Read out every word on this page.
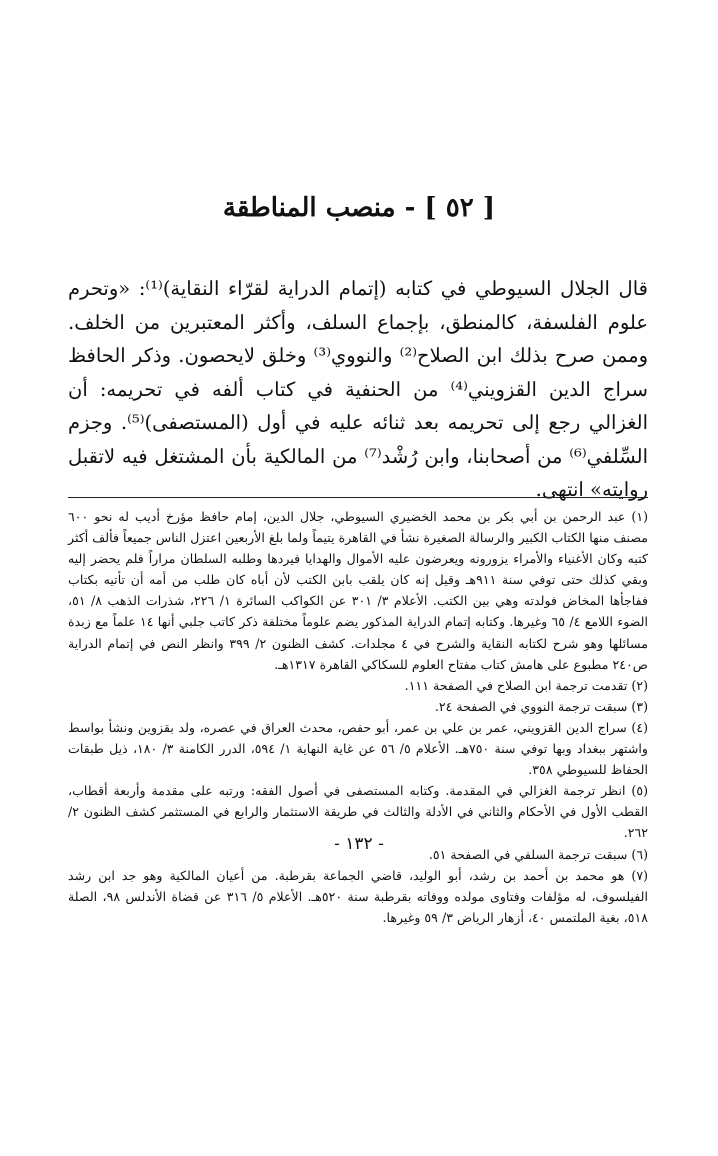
[ ٥٢ ] - منصب المناطقة

قال الجلال السيوطي في كتابه (إتمام الدراية لقرّاء النقاية)⁽¹⁾: «وتحرم علوم الفلسفة، كالمنطق، بإجماع السلف، وأكثر المعتبرين من الخلف. وممن صرح بذلك ابن الصلاح⁽²⁾ والنووي⁽³⁾ وخلق لايحصون. وذكر الحافظ سراج الدين القزويني⁽⁴⁾ من الحنفية في كتاب ألفه في تحريمه: أن الغزالي رجع إلى تحريمه بعد ثنائه عليه في أول (المستصفى)⁽⁵⁾. وجزم السِّلفي⁽⁶⁾ من أصحابنا، وابن رُشْد⁽⁷⁾ من المالكية بأن المشتغل فيه لاتقبل روايته» انتهى.

(١) عبد الرحمن بن أبي بكر بن محمد الخضيري السيوطي، جلال الدين، إمام حافظ مؤرخ أديب له نحو ٦٠٠ مصنف منها الكتاب الكبير والرسالة الصغيرة نشأ في القاهرة يتيماً ولما بلغ الأربعين اعتزل الناس جميعاً فألف أكثر كتبه وكان الأغنياء والأمراء يزورونه ويعرضون عليه الأموال والهدايا فيردها وطلبه السلطان مراراً فلم يحضر إليه وبقي كذلك حتى توفي سنة ٩١١هـ وقيل إنه كان يلقب بابن الكتب لأن أباه كان طلب من أمه أن تأتيه بكتاب ففاجأها المخاض فولدته وهي بين الكتب. الأعلام ٣/ ٣٠١ عن الكواكب السائرة ١/ ٢٢٦، شذرات الذهب ٨/ ٥١، الضوء اللامع ٤/ ٦٥ وغيرها. وكتابه إتمام الدراية المذكور يضم علوماً مختلفة ذكر كاتب جلبي أنها ١٤ علماً مع زبدة مسائلها وهو شرح لكتابه النقاية والشرح في ٤ مجلدات. كشف الظنون ٢/ ٣٩٩ وانظر النص في إتمام الدراية ص٢٤٠ مطبوع على هامش كتاب مفتاح العلوم للسكاكي القاهرة ١٣١٧هـ.
(٢) تقدمت ترجمة ابن الصلاح في الصفحة ١١١.
(٣) سبقت ترجمة النووي في الصفحة ٢٤.
(٤) سراج الدين القزويني، عمر بن علي بن عمر، أبو حفص، محدث العراق في عصره، ولد بقزوين ونشأ بواسط واشتهر ببغداد وبها توفي سنة ٧٥٠هـ. الأعلام ٥/ ٥٦ عن غاية النهاية ١/ ٥٩٤، الدرر الكامنة ٣/ ١٨٠، ذيل طبقات الحفاظ للسيوطي ٣٥٨.
(٥) انظر ترجمة الغزالي في المقدمة. وكتابه المستصفى في أصول الفقه: ورتبه على مقدمة وأربعة أقطاب، القطب الأول في الأحكام والثاني في الأدلة والثالث في طريقة الاستثمار والرابع في المستثمر كشف الظنون ٢/ ٢٦٢.
(٦) سبقت ترجمة السلفي في الصفحة ٥١.
(٧) هو محمد بن أحمد بن رشد، أبو الوليد، قاضي الجماعة بقرطبة. من أعيان المالكية وهو جد ابن رشد الفيلسوف، له مؤلفات وفتاوى مولده ووفاته بقرطبة سنة ٥٢٠هـ. الأعلام ٥/ ٣١٦ عن قضاة الأندلس ٩٨، الصلة ٥١٨، بغية الملتمس ٤٠، أزهار الرياض ٣/ ٥٩ وغيرها.
- ١٣٢ -
